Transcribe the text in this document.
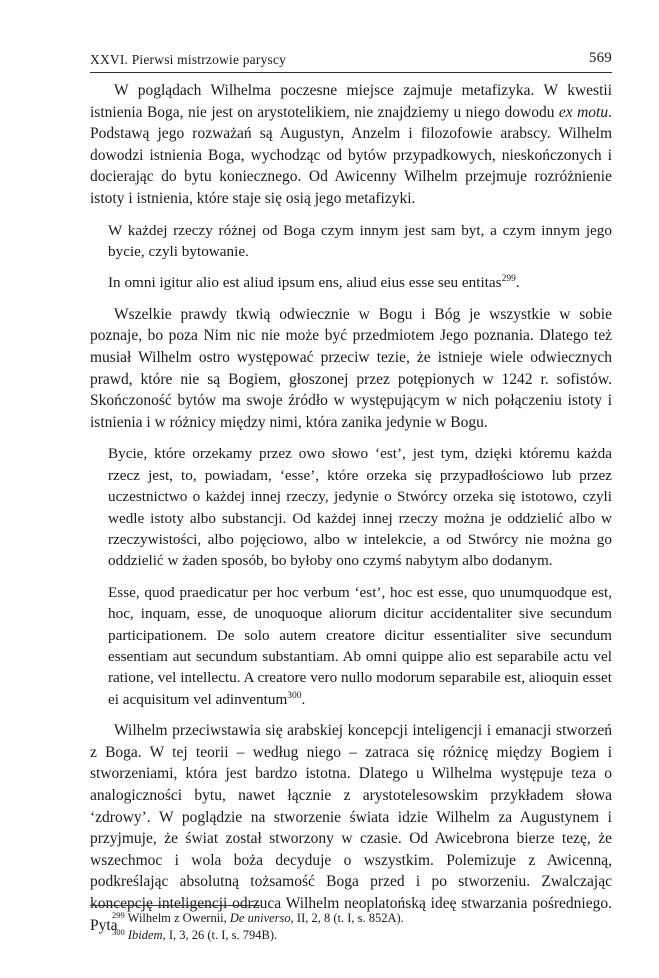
XXVI. Pierwsi mistrzowie paryscy	569

W poglądach Wilhelma poczesne miejsce zajmuje metafizyka. W kwestii istnienia Boga, nie jest on arystotelikiem, nie znajdziemy u niego dowodu ex motu. Podstawą jego rozważań są Augustyn, Anzelm i filozofowie arabscy. Wilhelm dowodzi istnienia Boga, wychodząc od bytów przypadkowych, nieskończonych i docierając do bytu koniecznego. Od Awicenny Wilhelm przejmuje rozróżnienie istoty i istnienia, które staje się osią jego metafizyki.

W każdej rzeczy różnej od Boga czym innym jest sam byt, a czym innym jego bycie, czyli bytowanie.

In omni igitur alio est aliud ipsum ens, aliud eius esse seu entitas$^{299}$.

Wszelkie prawdy tkwią odwiecznie w Bogu i Bóg je wszystkie w sobie poznaje, bo poza Nim nic nie może być przedmiotem Jego poznania. Dlatego też musiał Wilhelm ostro występować przeciw tezie, że istnieje wiele odwiecznych prawd, które nie są Bogiem, głoszonej przez potępionych w 1242 r. sofistów. Skończoność bytów ma swoje źródło w występującym w nich połączeniu istoty i istnienia i w różnicy między nimi, która zanika jedynie w Bogu.

Bycie, które orzekamy przez owo słowo ‘est’, jest tym, dzięki któremu każda rzecz jest, to, powiadam, ‘esse’, które orzeka się przypadłościowo lub przez uczestnictwo o każdej innej rzeczy, jedynie o Stwórcy orzeka się istotowo, czyli wedle istoty albo substancji. Od każdej innej rzeczy można je oddzielić albo w rzeczywistości, albo pojęciowo, albo w intelekcie, a od Stwórcy nie można go oddzielić w żaden sposób, bo byłoby ono czymś nabytym albo dodanym.

Esse, quod praedicatur per hoc verbum ‘est’, hoc est esse, quo unumquodque est, hoc, inquam, esse, de unoquoque aliorum dicitur accidentaliter sive secundum participationem. De solo autem creatore dicitur essentialiter sive secundum essentiam aut secundum substantiam. Ab omni quippe alio est separabile actu vel ratione, vel intellectu. A creatore vero nullo modorum separabile est, alioquin esset ei acquisitum vel adinventum$^{300}$.

Wilhelm przeciwstawia się arabskiej koncepcji inteligencji i emanacji stworzeń z Boga. W tej teorii – według niego – zatraca się różnicę między Bogiem i stworzeniami, która jest bardzo istotna. Dlatego u Wilhelma występuje teza o analogiczności bytu, nawet łącznie z arystotelesowskim przykładem słowa ‘zdrowy’. W poglądzie na stworzenie świata idzie Wilhelm za Augustynem i przyjmuje, że świat został stworzony w czasie. Od Awicebrona bierze tezę, że wszechmoc i wola boża decyduje o wszystkim. Polemizuje z Awicenną, podkreślając absolutną tożsamość Boga przed i po stworzeniu. Zwalczając koncepcję inteligencji odrzuca Wilhelm neoplatońską ideę stwarzania pośredniego. Pyta

$^{299}$ Wilhelm z Owernii, De universo, II, 2, 8 (t. I, s. 852A).

$^{300}$ Ibidem, I, 3, 26 (t. I, s. 794B).
